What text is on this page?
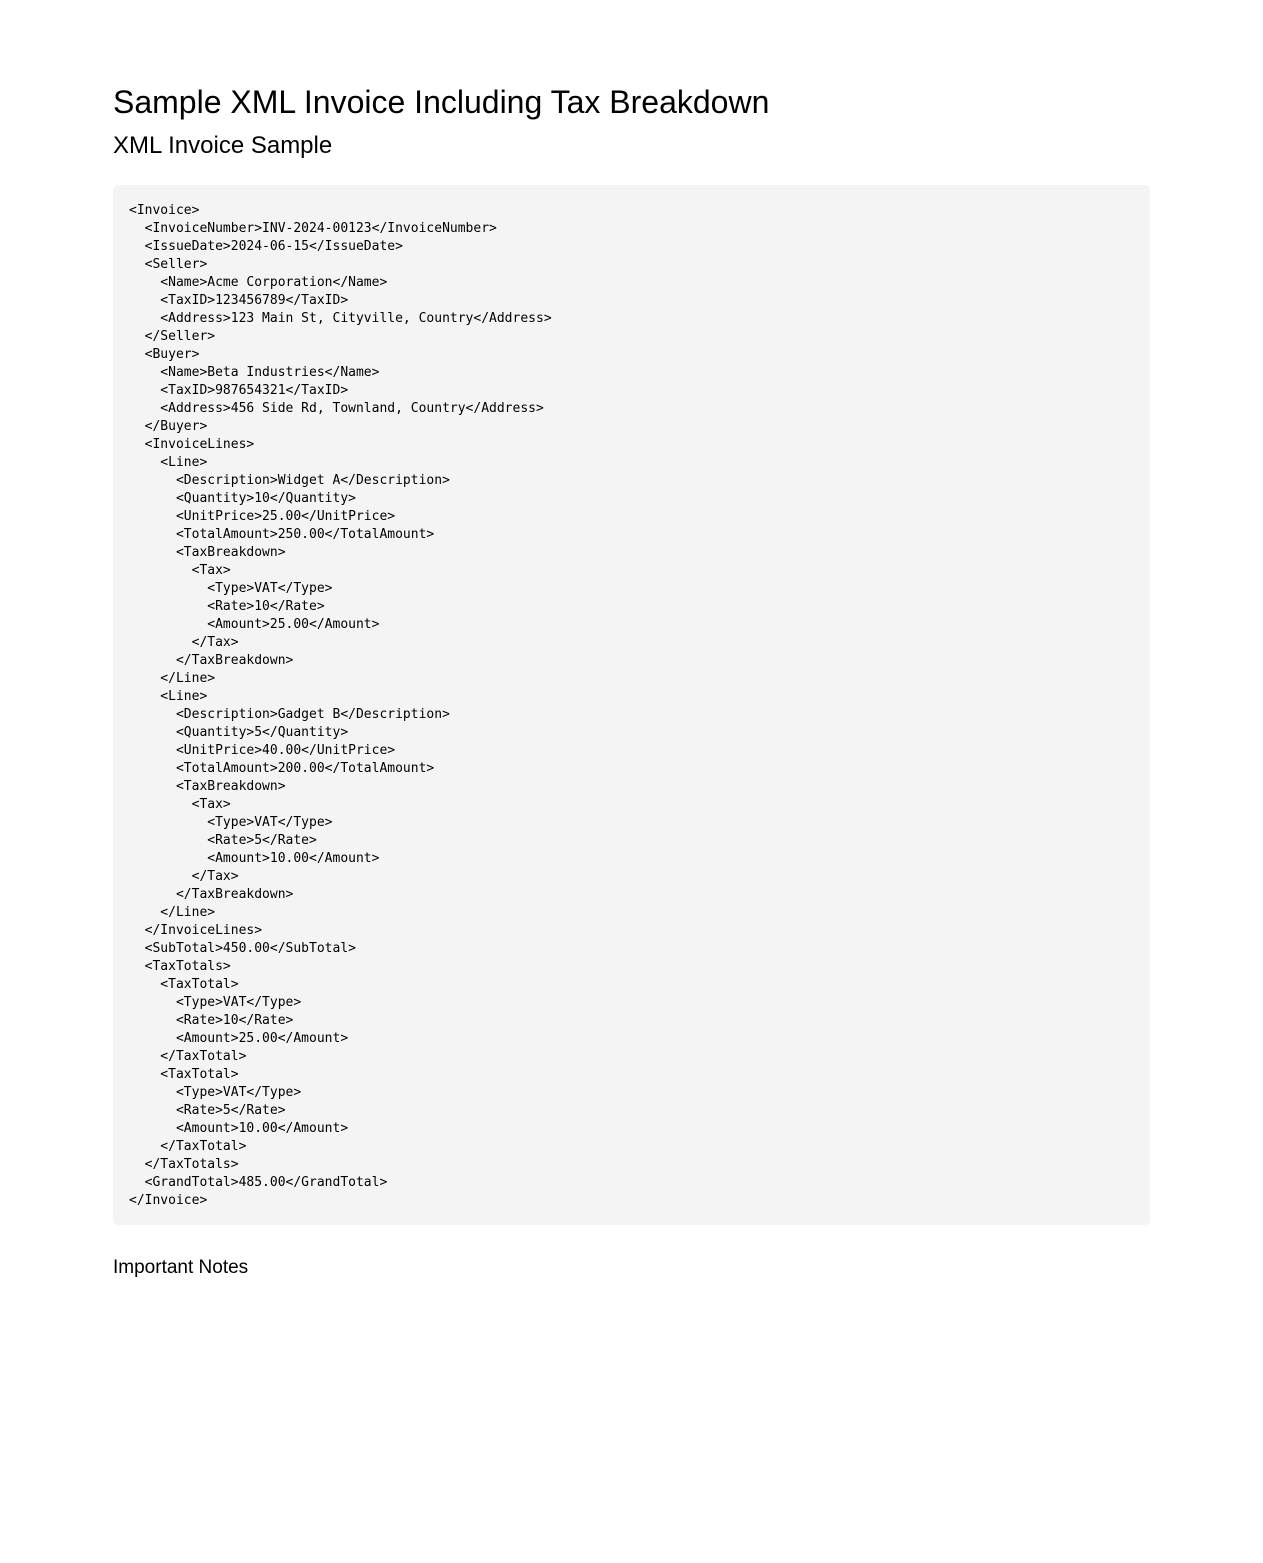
Sample XML Invoice Including Tax Breakdown
XML Invoice Sample
<Invoice>
<InvoiceNumber>INV-2024-00123</InvoiceNumber>
<IssueDate>2024-06-15</IssueDate>
<Seller>
<Name>Acme Corporation</Name>
<TaxID>123456789</TaxID>
<Address>123 Main St, Cityville, Country</Address>
</Seller>
<Buyer>
<Name>Beta Industries</Name>
<TaxID>987654321</TaxID>
<Address>456 Side Rd, Townland, Country</Address>
</Buyer>
<InvoiceLines>
<Line>
<Description>Widget A</Description>
<Quantity>10</Quantity>
<UnitPrice>25.00</UnitPrice>
<TotalAmount>250.00</TotalAmount>
<TaxBreakdown>
<Tax>
<Type>VAT</Type>
<Rate>10</Rate>
<Amount>25.00</Amount>
</Tax>
</TaxBreakdown>
</Line>
<Line>
<Description>Gadget B</Description>
<Quantity>5</Quantity>
<UnitPrice>40.00</UnitPrice>
<TotalAmount>200.00</TotalAmount>
<TaxBreakdown>
<Tax>
<Type>VAT</Type>
<Rate>5</Rate>
<Amount>10.00</Amount>
</Tax>
</TaxBreakdown>
</Line>
</InvoiceLines>
<SubTotal>450.00</SubTotal>
<TaxTotals>
<TaxTotal>
<Type>VAT</Type>
<Rate>10</Rate>
<Amount>25.00</Amount>
</TaxTotal>
<TaxTotal>
<Type>VAT</Type>
<Rate>5</Rate>
<Amount>10.00</Amount>
</TaxTotal>
</TaxTotals>
<GrandTotal>485.00</GrandTotal>
</Invoice>
Important Notes
